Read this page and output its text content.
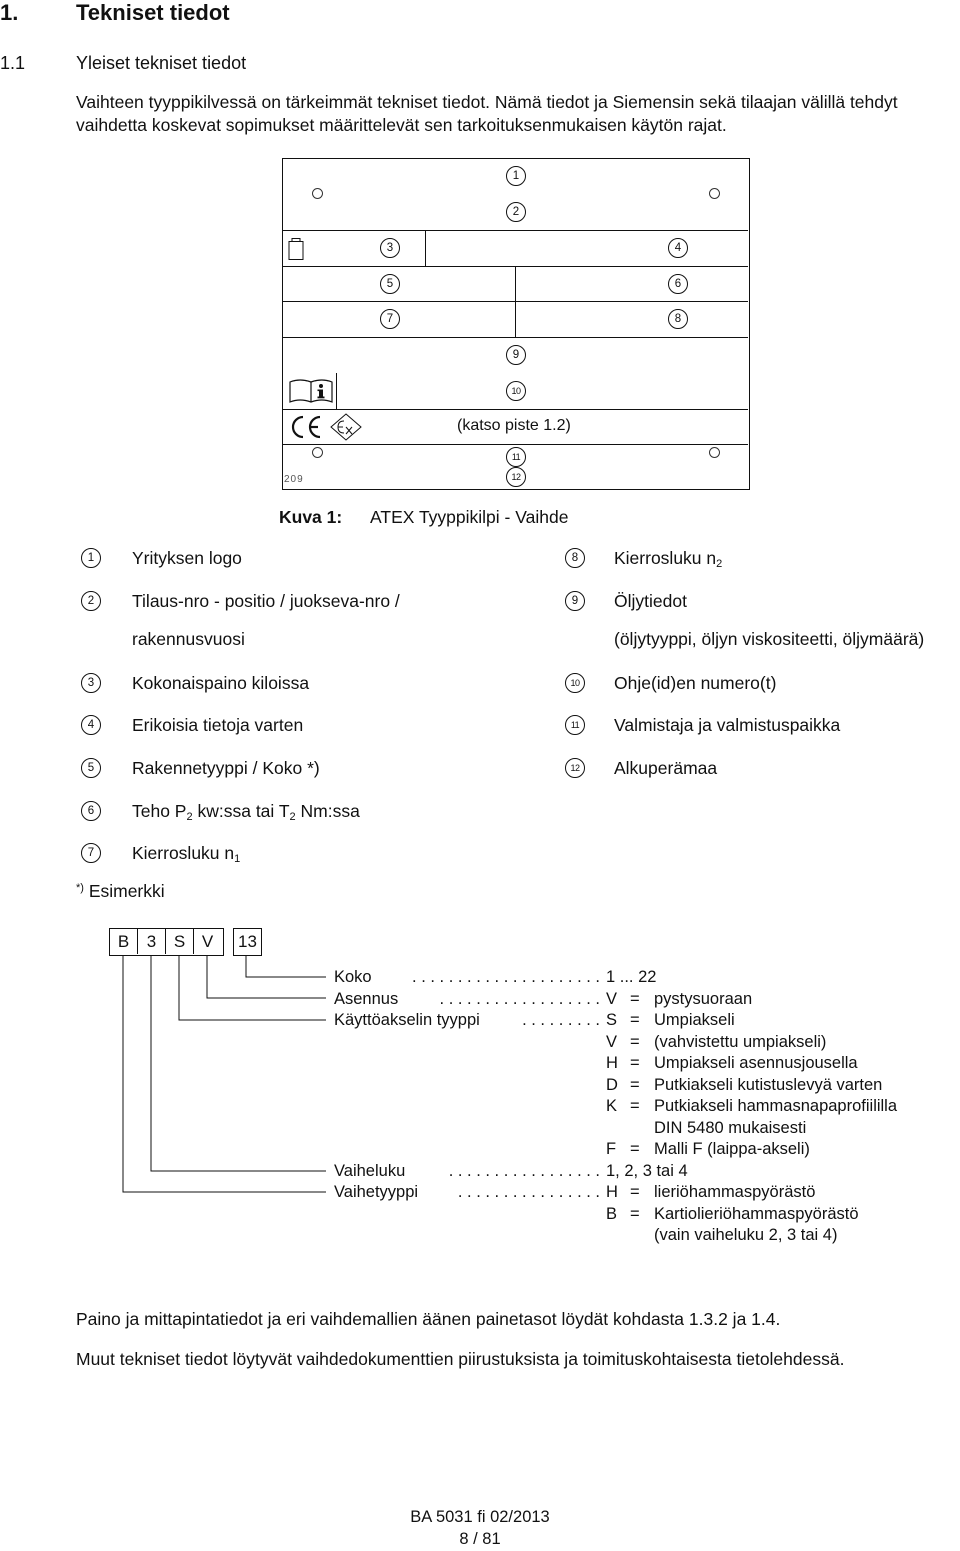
1.	Tekniset tiedot
1.1	Yleiset tekniset tiedot
Vaihteen tyyppikilvessä on tärkeimmät tekniset tiedot. Nämä tiedot ja Siemensin sekä tilaajan välillä tehdyt
vaihdetta koskevat sopimukset määrittelevät sen tarkoituksenmukaisen käytön rajat.
1
2
3	4
5	6
7	8
9
10
11
12
(katso piste 1.2)
209
Kuva 1: ATEX Tyyppikilpi - Vaihde
1	Yrityksen logo
2	Tilaus-nro - positio / juokseva-nro /
rakennusvuosi
3	Kokonaispaino kiloissa
4	Erikoisia tietoja varten
5	Rakennetyyppi / Koko *)
6	Teho $P_2$ kw:ssa tai $T_2$ Nm:ssa
7	Kierrosluku $n_1$
8	Kierrosluku $n_2$
9	Öljytiedot
(öljytyyppi, öljyn viskositeetti, öljymäärä)
10	Ohje(id)en numero(t)
11	Valmistaja ja valmistuspaikka
12	Alkuperämaa
*) Esimerkki
B	3	S V	13
Koko . . . . . . . . . . . . . . . . . . . . . 1 ... 22
Asennus	. . . . . . . . . . . . . . . . . . V = pystysuoraan
Käyttöakselin tyyppi	. . . . . . . . . S = Umpiakseli
V = (vahvistettu umpiakseli)
H = Umpiakseli asennusjousella
D = Putkiakseli kutistuslevyä varten
K = Putkiakseli hammasnapaprofiililla
DIN 5480 mukaisesti
F = Malli F (laippa-akseli)
Vaiheluku	. . . . . . . . . . . . . . . . . 1, 2, 3 tai 4
Vaihetyyppi . . . . . . . . . . . . . . . . H = lieriöhammaspyörästö
B = Kartiolieriöhammaspyörästö
(vain vaiheluku 2, 3 tai 4)
Paino ja mittapintatiedot ja eri vaihdemallien äänen painetasot löydät kohdasta 1.3.2 ja 1.4.
Muut tekniset tiedot löytyvät vaihdedokumenttien piirustuksista ja toimituskohtaisesta tietolehdessä.
BA 5031 fi 02/2013
8 / 81
